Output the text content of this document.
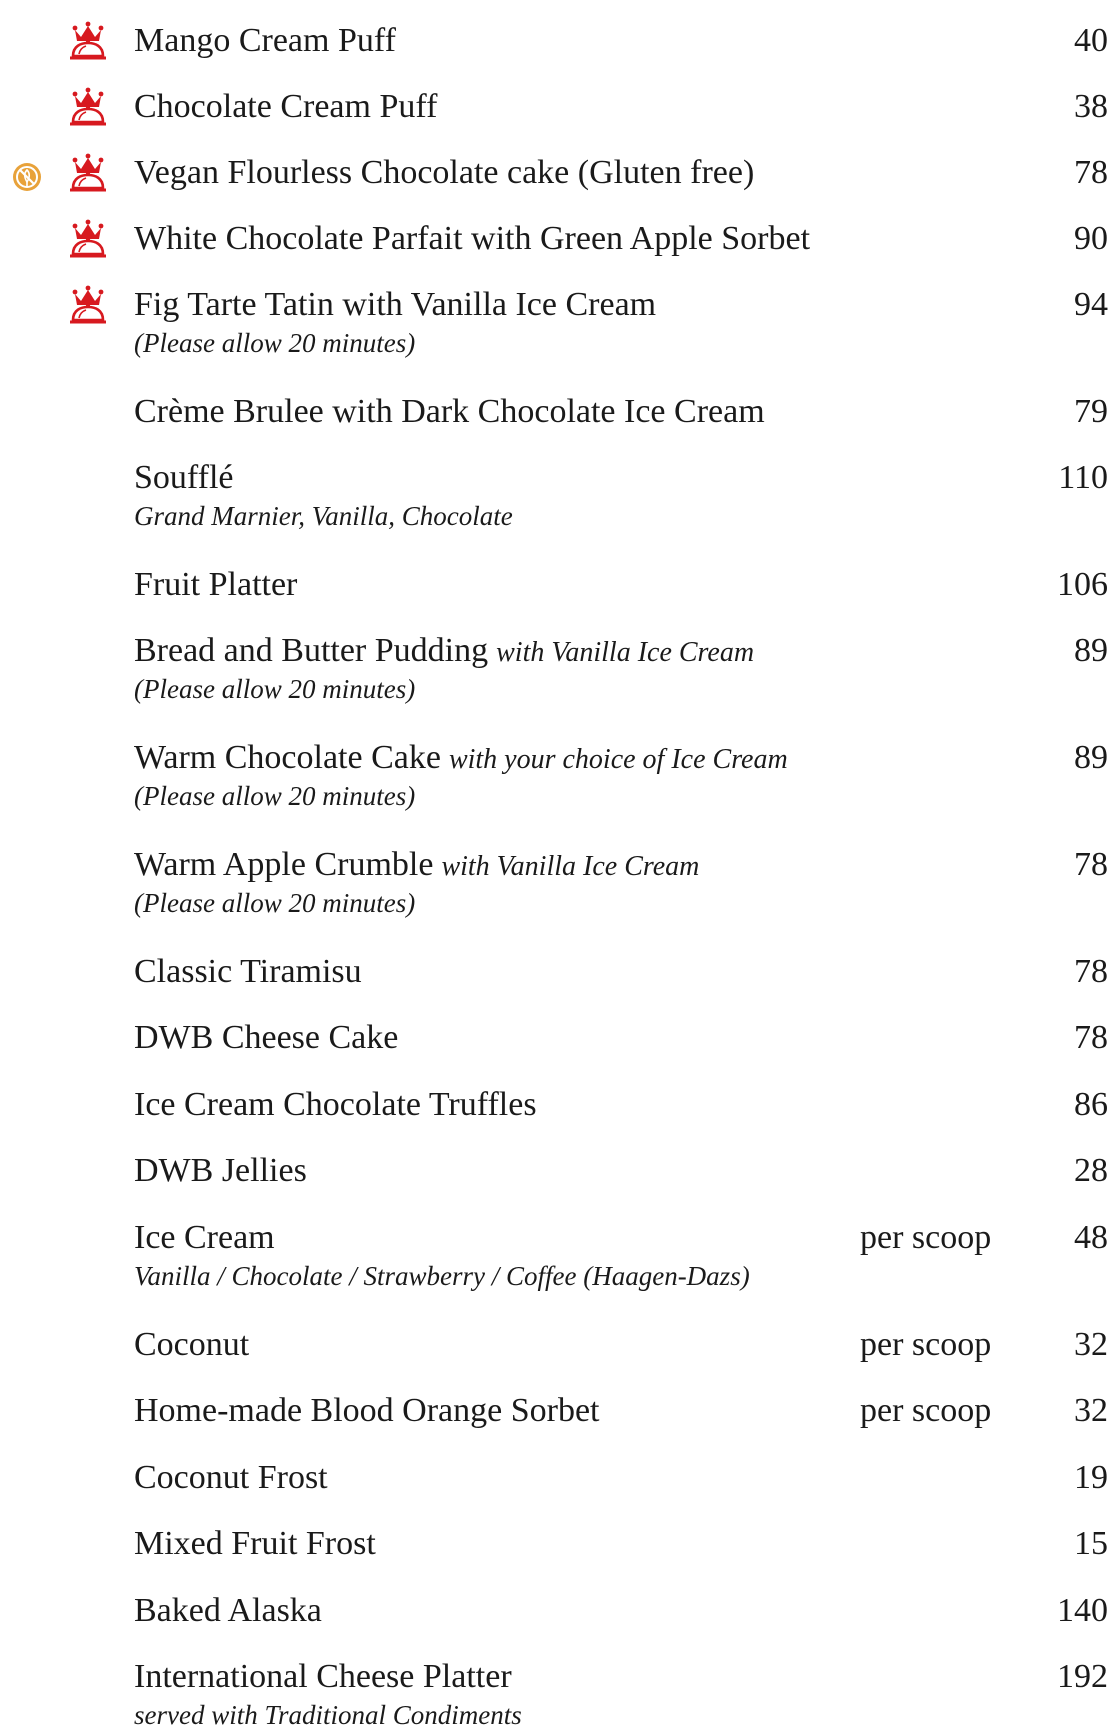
Mango Cream Puff	40
Chocolate Cream Puff	38
Vegan Flourless Chocolate cake (Gluten free)	78
White Chocolate Parfait with Green Apple Sorbet	90
Fig Tarte Tatin with Vanilla Ice Cream	94
(Please allow 20 minutes)
Crème Brulee with Dark Chocolate Ice Cream	79
Soufflé	110
Grand Marnier, Vanilla, Chocolate
Fruit Platter	106
Bread and Butter Pudding with Vanilla Ice Cream	89
(Please allow 20 minutes)
Warm Chocolate Cake with your choice of Ice Cream	89
(Please allow 20 minutes)
Warm Apple Crumble with Vanilla Ice Cream	78
(Please allow 20 minutes)
Classic Tiramisu	78
DWB Cheese Cake	78
Ice Cream Chocolate Truffles	86
DWB Jellies	28
Ice Cream	per scoop 48
Vanilla / Chocolate / Strawberry / Coffee (Haagen-Dazs)
Coconut	per scoop 32
Home-made Blood Orange Sorbet	per scoop 32
Coconut Frost	19
Mixed Fruit Frost	15
Baked Alaska	140
International Cheese Platter	192
served with Traditional Condiments
